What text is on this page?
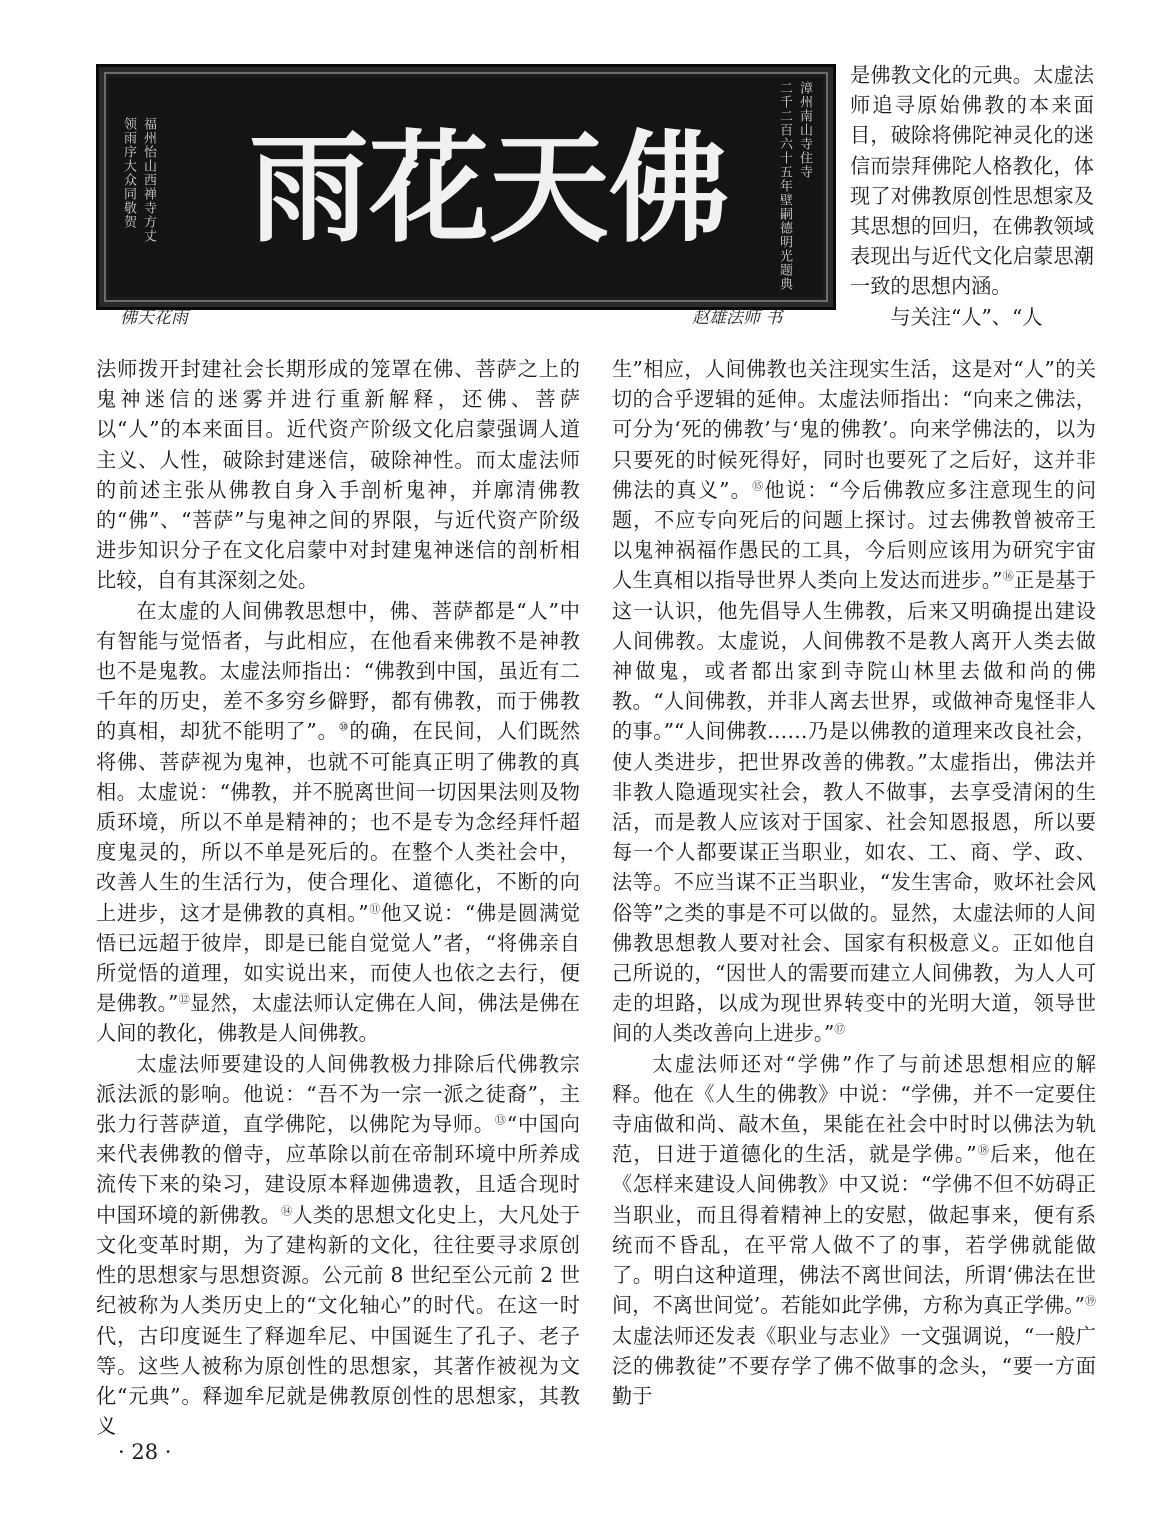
佛
天
花
雨	漳州南山寺住寺
二千二百六十五年壁嗣德明光题典
福州怡山西禅寺方丈
领雨序大众同敬贺
佛天花雨	赵雄法师 书

是佛教文化的元典。太虚法师追寻原始佛教的本来面目，破除将佛陀神灵化的迷信而崇拜佛陀人格教化，体现了对佛教原创性思想家及其思想的回归，在佛教领域表现出与近代文化启蒙思潮一致的思想内涵。

与关注“人”、“人

法师拨开封建社会长期形成的笼罩在佛、菩萨之上的鬼神迷信的迷雾并进行重新解释，还佛、菩萨以“人”的本来面目。近代资产阶级文化启蒙强调人道主义、人性，破除封建迷信，破除神性。而太虚法师的前述主张从佛教自身入手剖析鬼神，并廓清佛教的“佛”、“菩萨”与鬼神之间的界限，与近代资产阶级进步知识分子在文化启蒙中对封建鬼神迷信的剖析相比较，自有其深刻之处。

在太虚的人间佛教思想中，佛、菩萨都是“人”中有智能与觉悟者，与此相应，在他看来佛教不是神教也不是鬼教。太虚法师指出：“佛教到中国，虽近有二千年的历史，差不多穷乡僻野，都有佛教，而于佛教的真相，却犹不能明了”。⑩的确，在民间，人们既然将佛、菩萨视为鬼神，也就不可能真正明了佛教的真相。太虚说：“佛教，并不脱离世间一切因果法则及物质环境，所以不单是精神的；也不是专为念经拜忏超度鬼灵的，所以不单是死后的。在整个人类社会中，改善人生的生活行为，使合理化、道德化，不断的向上进步，这才是佛教的真相。”⑪他又说：“佛是圆满觉悟已远超于彼岸，即是已能自觉觉人”者，“将佛亲自所觉悟的道理，如实说出来，而使人也依之去行，便是佛教。”⑫显然，太虚法师认定佛在人间，佛法是佛在人间的教化，佛教是人间佛教。

太虚法师要建设的人间佛教极力排除后代佛教宗派法派的影响。他说：“吾不为一宗一派之徒裔”，主张力行菩萨道，直学佛陀，以佛陀为导师。⑬“中国向来代表佛教的僧寺，应革除以前在帝制环境中所养成流传下来的染习，建设原本释迦佛遗教，且适合现时中国环境的新佛教。⑭人类的思想文化史上，大凡处于文化变革时期，为了建构新的文化，往往要寻求原创性的思想家与思想资源。公元前 8 世纪至公元前 2 世纪被称为人类历史上的“文化轴心”的时代。在这一时代，古印度诞生了释迦牟尼、中国诞生了孔子、老子等。这些人被称为原创性的思想家，其著作被视为文化“元典”。释迦牟尼就是佛教原创性的思想家，其教义

生”相应，人间佛教也关注现实生活，这是对“人”的关切的合乎逻辑的延伸。太虚法师指出：“向来之佛法，可分为‘死的佛教’与‘鬼的佛教’。向来学佛法的，以为只要死的时候死得好，同时也要死了之后好，这并非佛法的真义”。⑮他说：“今后佛教应多注意现生的问题，不应专向死后的问题上探讨。过去佛教曾被帝王以鬼神祸福作愚民的工具，今后则应该用为研究宇宙人生真相以指导世界人类向上发达而进步。”⑯正是基于这一认识，他先倡导人生佛教，后来又明确提出建设人间佛教。太虚说，人间佛教不是教人离开人类去做神做鬼，或者都出家到寺院山林里去做和尚的佛教。“人间佛教，并非人离去世界，或做神奇鬼怪非人的事。”“人间佛教……乃是以佛教的道理来改良社会，使人类进步，把世界改善的佛教。”太虚指出，佛法并非教人隐遁现实社会，教人不做事，去享受清闲的生活，而是教人应该对于国家、社会知恩报恩，所以要每一个人都要谋正当职业，如农、工、商、学、政、法等。不应当谋不正当职业，“发生害命，败坏社会风俗等”之类的事是不可以做的。显然，太虚法师的人间佛教思想教人要对社会、国家有积极意义。正如他自己所说的，“因世人的需要而建立人间佛教，为人人可走的坦路，以成为现世界转变中的光明大道，领导世间的人类改善向上进步。”⑰

太虚法师还对“学佛”作了与前述思想相应的解释。他在《人生的佛教》中说：“学佛，并不一定要住寺庙做和尚、敲木鱼，果能在社会中时时以佛法为轨范，日进于道德化的生活，就是学佛。”⑱后来，他在《怎样来建设人间佛教》中又说：“学佛不但不妨碍正当职业，而且得着精神上的安慰，做起事来，便有系统而不昏乱，在平常人做不了的事，若学佛就能做了。明白这种道理，佛法不离世间法，所谓‘佛法在世间，不离世间觉’。若能如此学佛，方称为真正学佛。”⑲太虚法师还发表《职业与志业》一文强调说，“一般广泛的佛教徒”不要存学了佛不做事的念头，“要一方面勤于

· 28 ·
